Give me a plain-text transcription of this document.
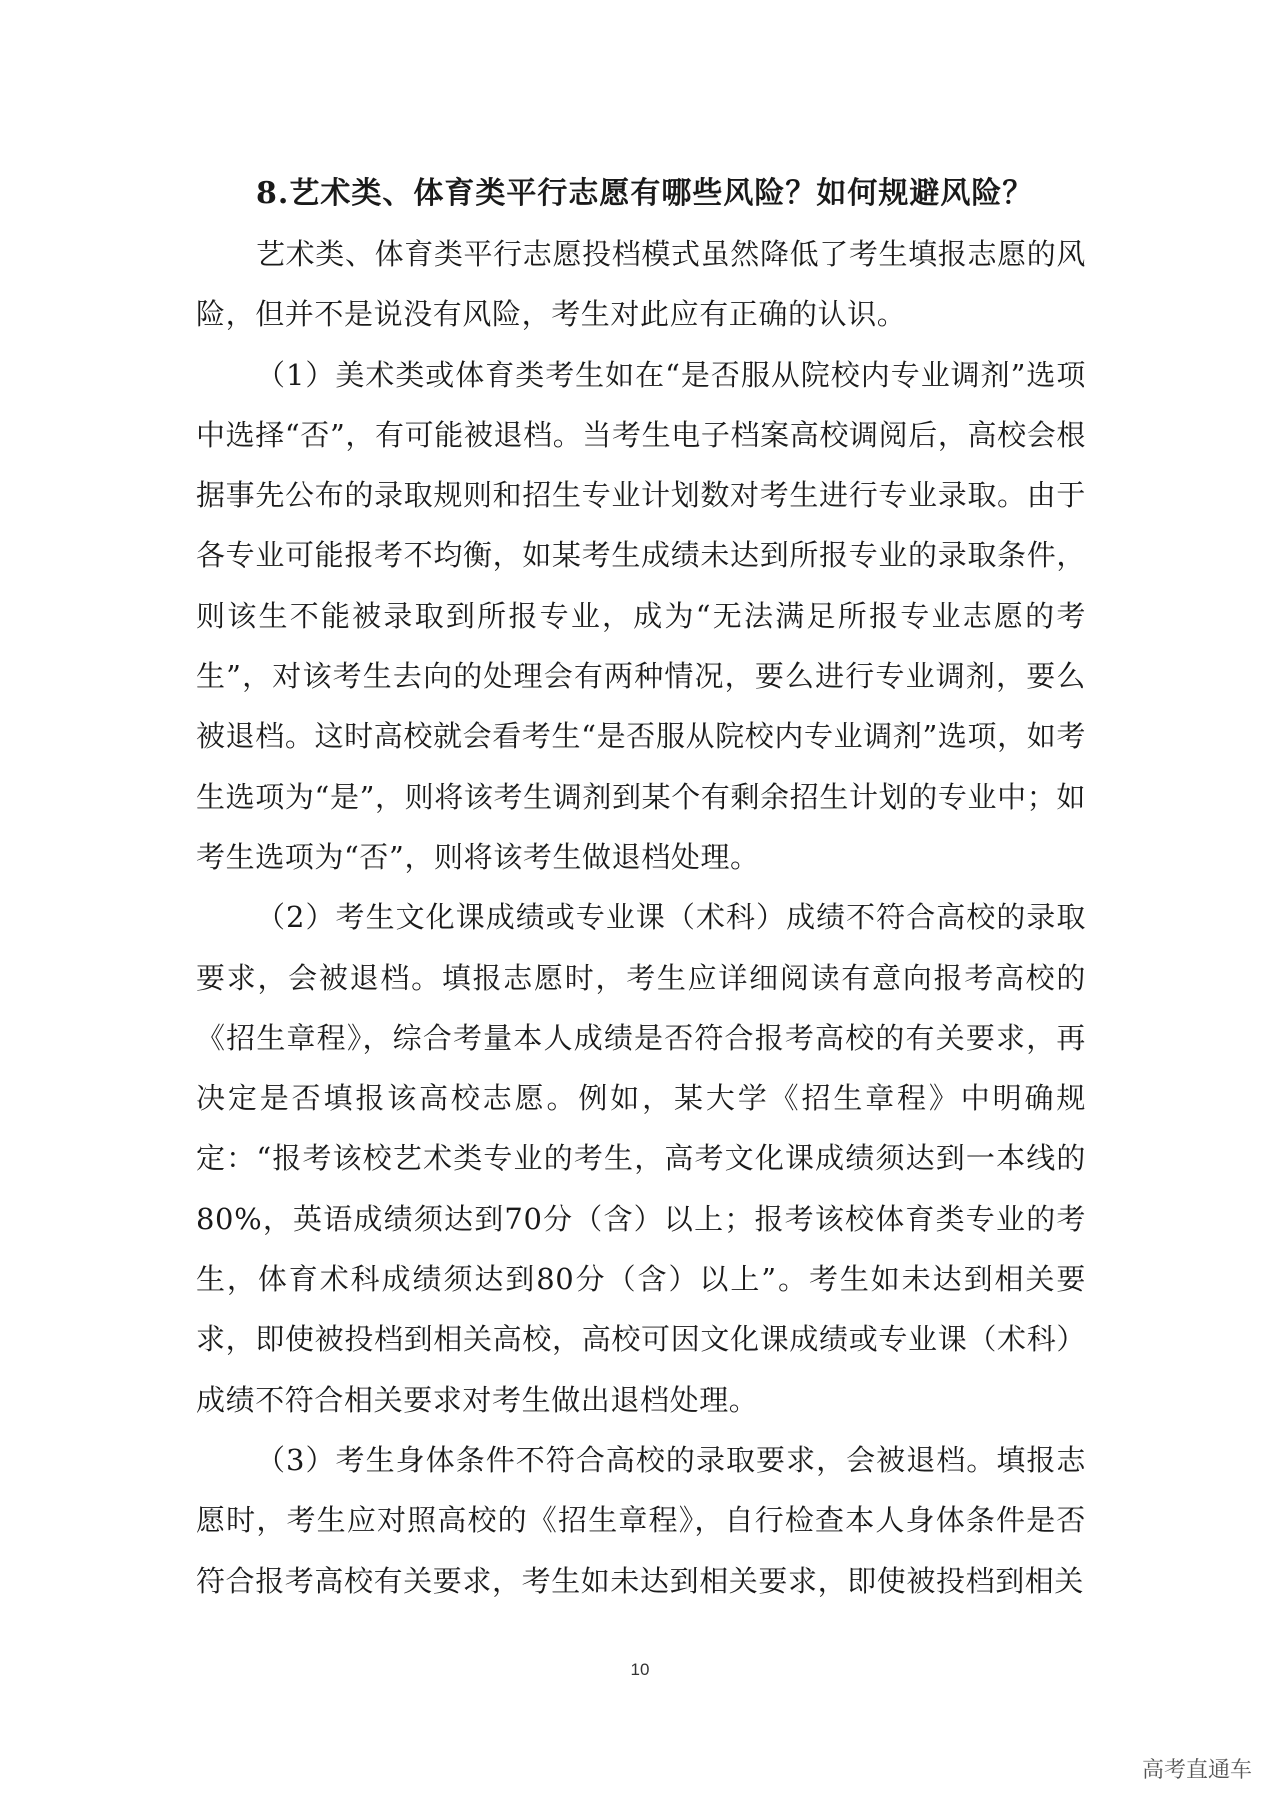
8.艺术类、体育类平行志愿有哪些风险？如何规避风险？

艺术类、体育类平行志愿投档模式虽然降低了考生填报志愿的风险，但并不是说没有风险，考生对此应有正确的认识。

（1）美术类或体育类考生如在“是否服从院校内专业调剂”选项中选择“否”，有可能被退档。当考生电子档案高校调阅后，高校会根据事先公布的录取规则和招生专业计划数对考生进行专业录取。由于各专业可能报考不均衡，如某考生成绩未达到所报专业的录取条件，则该生不能被录取到所报专业，成为“无法满足所报专业志愿的考生”，对该考生去向的处理会有两种情况，要么进行专业调剂，要么被退档。这时高校就会看考生“是否服从院校内专业调剂”选项，如考生选项为“是”，则将该考生调剂到某个有剩余招生计划的专业中；如考生选项为“否”，则将该考生做退档处理。

（2）考生文化课成绩或专业课（术科）成绩不符合高校的录取要求，会被退档。填报志愿时，考生应详细阅读有意向报考高校的《招生章程》，综合考量本人成绩是否符合报考高校的有关要求，再决定是否填报该高校志愿。例如，某大学《招生章程》中明确规定：“报考该校艺术类专业的考生，高考文化课成绩须达到一本线的80%，英语成绩须达到70分（含）以上；报考该校体育类专业的考生，体育术科成绩须达到80分（含）以上”。考生如未达到相关要求，即使被投档到相关高校，高校可因文化课成绩或专业课（术科）成绩不符合相关要求对考生做出退档处理。

（3）考生身体条件不符合高校的录取要求，会被退档。填报志愿时，考生应对照高校的《招生章程》，自行检查本人身体条件是否符合报考高校有关要求，考生如未达到相关要求，即使被投档到相关

10
高考直通车
